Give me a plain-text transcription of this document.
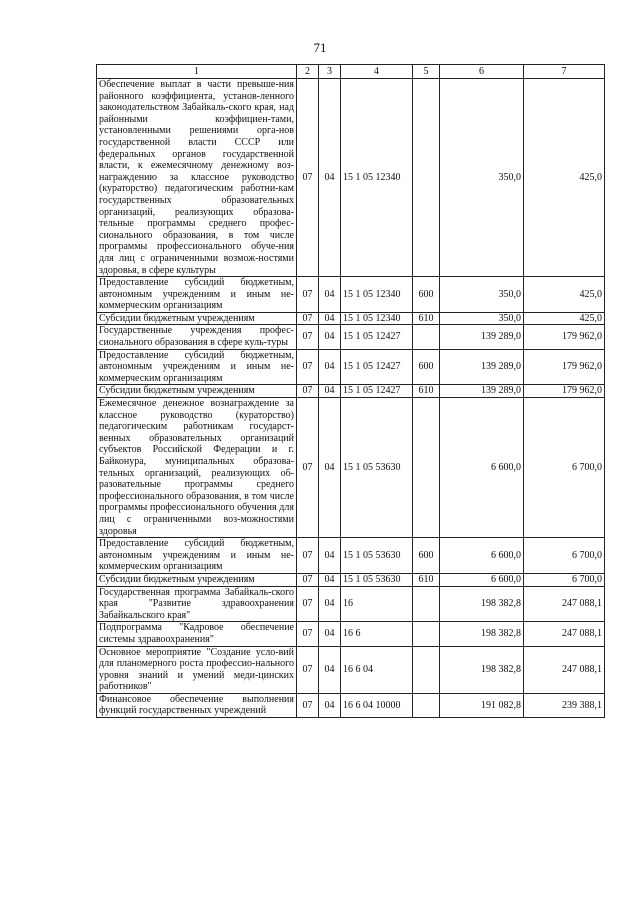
71
1	2	3	4	5	6	7
Обеспечение выплат в части превыше-ния районного коэффициента, установ-ленного законодательством Забайкаль-ского края, над районными коэффициен-тами, установленными решениями орга-нов государственной власти СССР или федеральных органов государственной власти, к ежемесячному денежному воз-награждению за классное руководство (кураторство) педагогическим работни-кам государственных образовательных организаций, реализующих образова-тельные программы среднего профес-сионального образования, в том числе программы профессионального обуче-ния для лиц с ограниченными возмож-ностями здоровья, в сфере культуры	07	04	15 1 05 12340		350,0	425,0
Предоставление субсидий бюджетным, автономным учреждениям и иным не-коммерческим организациям	07	04	15 1 05 12340	600	350,0	425,0
Субсидии бюджетным учреждениям	07	04	15 1 05 12340	610	350,0	425,0
Государственные учреждения профес-сионального образования в сфере куль-туры	07	04	15 1 05 12427		139 289,0	179 962,0
Предоставление субсидий бюджетным, автономным учреждениям и иным не-коммерческим организациям	07	04	15 1 05 12427	600	139 289,0	179 962,0
Субсидии бюджетным учреждениям	07	04	15 1 05 12427	610	139 289,0	179 962,0
Ежемесячное денежное вознаграждение за классное руководство (кураторство) педагогическим работникам государст-венных образовательных организаций субъектов Российской Федерации и г. Байконура, муниципальных образова-тельных организаций, реализующих об-разовательные программы среднего профессионального образования, в том числе программы профессионального обучения для лиц с ограниченными воз-можностями здоровья	07	04	15 1 05 53630		6 600,0	6 700,0
Предоставление субсидий бюджетным, автономным учреждениям и иным не-коммерческим организациям	07	04	15 1 05 53630	600	6 600,0	6 700,0
Субсидии бюджетным учреждениям	07	04	15 1 05 53630	610	6 600,0	6 700,0
Государственная программа Забайкаль-ского края "Развитие здравоохранения Забайкальского края"	07	04	16		198 382,8	247 088,1
Подпрограмма "Кадровое обеспечение системы здравоохранения"	07	04	16 6		198 382,8	247 088,1
Основное мероприятие "Создание усло-вий для планомерного роста профессио-нального уровня знаний и умений меди-цинских работников"	07	04	16 6 04		198 382,8	247 088,1
Финансовое обеспечение выполнения функций государственных учреждений	07	04	16 6 04 10000		191 082,8	239 388,1
